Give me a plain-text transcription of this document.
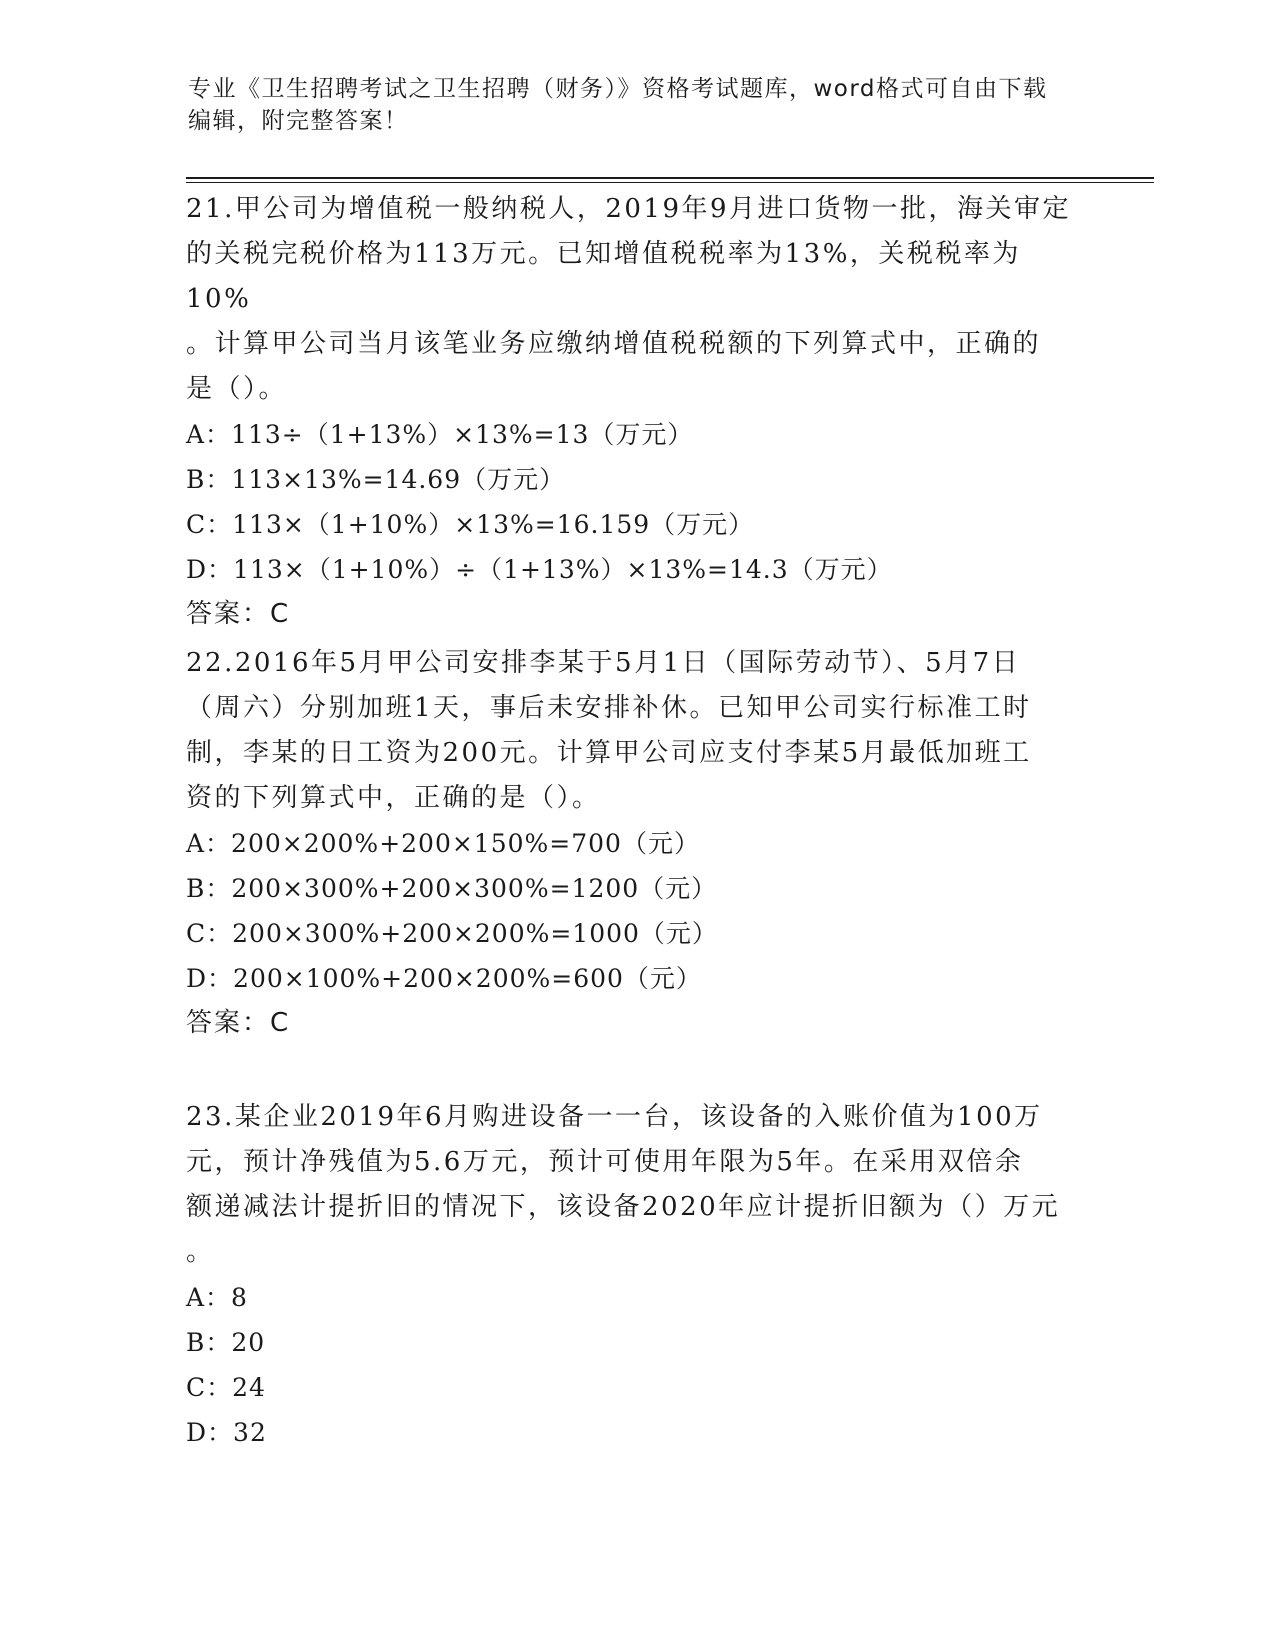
专业《卫生招聘考试之卫生招聘（财务）》资格考试题库，word格式可自由下载
编辑，附完整答案！

21.甲公司为增值税一般纳税人，2019年9月进口货物一批，海关审定

的关税完税价格为113万元。已知增值税税率为13%，关税税率为10%

。计算甲公司当月该笔业务应缴纳增值税税额的下列算式中，正确的

是（）。

A：113÷（1+13%）×13%=13（万元）

B：113×13%=14.69（万元）

C：113×（1+10%）×13%=16.159（万元）

D：113×（1+10%）÷（1+13%）×13%=14.3（万元）

答案：C

22.2016年5月甲公司安排李某于5月1日（国际劳动节）、5月7日

（周六）分别加班1天，事后未安排补休。已知甲公司实行标准工时

制，李某的日工资为200元。计算甲公司应支付李某5月最低加班工

资的下列算式中，正确的是（）。

A：200×200%+200×150%=700（元）

B：200×300%+200×300%=1200（元）

C：200×300%+200×200%=1000（元）

D：200×100%+200×200%=600（元）

答案：C

23.某企业2019年6月购进设备一一台，该设备的入账价值为100万

元，预计净残值为5.6万元，预计可使用年限为5年。在采用双倍余

额递减法计提折旧的情况下，该设备2020年应计提折旧额为（）万元

。

A：8

B：20

C：24

D：32
